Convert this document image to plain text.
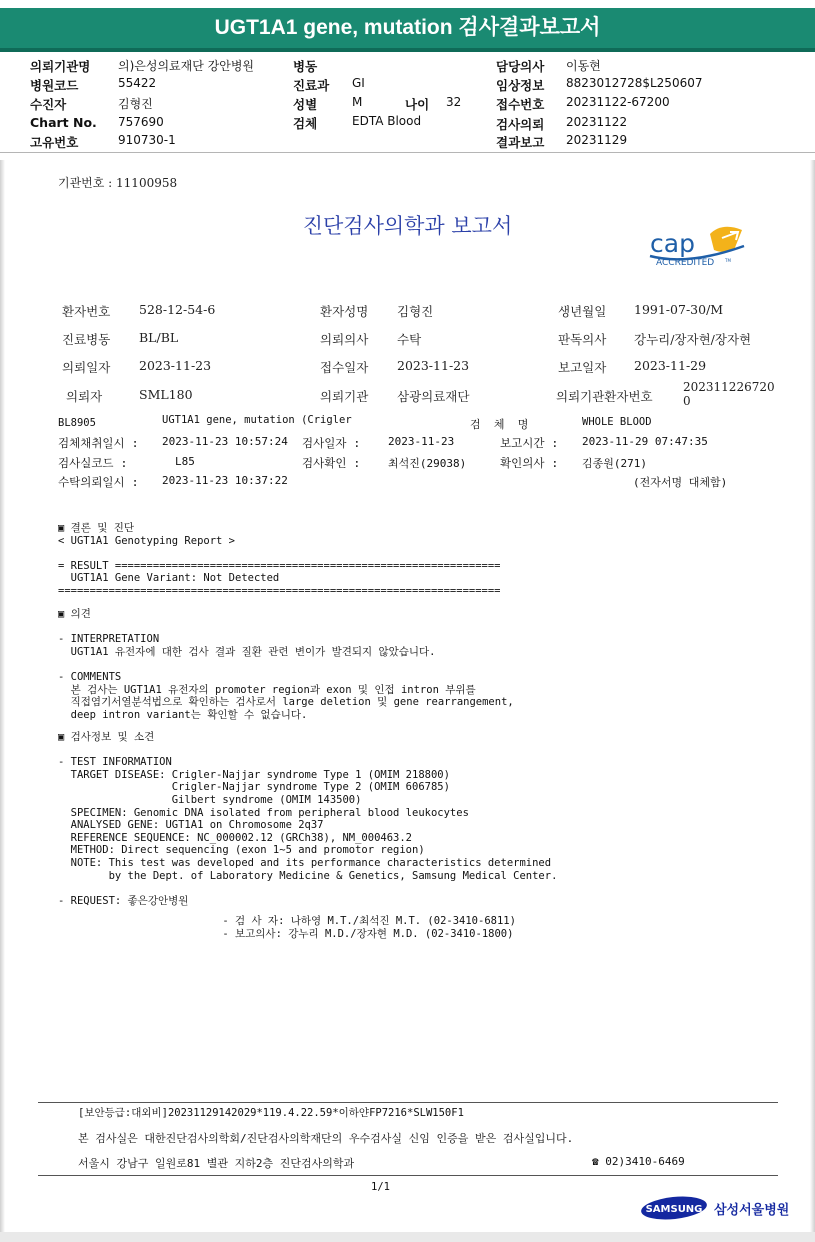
UGT1A1 gene, mutation 검사결과보고서
의뢰기관명 의)은성의료재단 강안병원
병원코드	55422
수진자	김형진
Chart No. 757690
고유번호	910730-1
병동
진료과 GI
성별	M	나이 32
검체	EDTA Blood
담당의사 이동현
임상정보 8823012728$L250607
접수번호 20231122-67200
검사의뢰 20231122
결과보고 20231129
기관번호 : 11100958
진단검사의학과 보고서
cap
ACCREDITED	TM
환자번호 528-12-54-6	환자성명 김형진	생년월일 1991-07-30/M
진료병동 BL/BL	의뢰의사 수탁	판독의사 강누리/장자현/장자현
의뢰일자 2023-11-23	접수일자 2023-11-23	보고일자 2023-11-29
의뢰자	SML180	의뢰기관 삼광의료재단	의뢰기관환자번호
202311226720
0
BL8905	UGT1A1 gene, mutation (Crigler	검  체  명	WHOLE BLOOD
검체채취일시 : 2023-11-23 10:57:24 검사일자 :	2023-11-23	보고시간 : 2023-11-29 07:47:35
검사실코드 :	L85	검사확인 :	최석진(29038)	확인의사 : 김종원(271)
수탁의뢰일시 : 2023-11-23 10:37:22	(전자서명 대체함)
▣ 결론 및 진단
< UGT1A1 Genotyping Report >

= RESULT =============================================================
UGT1A1 Gene Variant: Not Detected
======================================================================
▣ 의견

- INTERPRETATION
UGT1A1 유전자에 대한 검사 결과 질환 관련 변이가 발견되지 않았습니다.

- COMMENTS
본 검사는 UGT1A1 유전자의 promoter region과 exon 및 인접 intron 부위를
직접염기서열분석법으로 확인하는 검사로서 large deletion 및 gene rearrangement,
deep intron variant는 확인할 수 없습니다.
▣ 검사정보 및 소견

- TEST INFORMATION
TARGET DISEASE: Crigler-Najjar syndrome Type 1 (OMIM 218800)
Crigler-Najjar syndrome Type 2 (OMIM 606785)
Gilbert syndrome (OMIM 143500)
SPECIMEN: Genomic DNA isolated from peripheral blood leukocytes
ANALYSED GENE: UGT1A1 on Chromosome 2q37
REFERENCE SEQUENCE: NC_000002.12 (GRCh38), NM_000463.2
METHOD: Direct sequencing (exon 1~5 and promotor region)
NOTE: This test was developed and its performance characteristics determined
by the Dept. of Laboratory Medicine & Genetics, Samsung Medical Center.

- REQUEST: 좋은강안병원
- 검 사 자: 나하영 M.T./최석진 M.T. (02-3410-6811)
- 보고의사: 강누리 M.D./장자현 M.D. (02-3410-1800)
[보안등급:대외비]20231129142029*119.4.22.59*이하얀FP7216*SLW150F1
본 검사실은 대한진단검사의학회/진단검사의학재단의 우수검사실 신임 인증을 받은 검사실입니다.
서울시 강남구 일원로81 별관 지하2층 진단검사의학과	☎ 02)3410-6469
1/1
SAMSUNG 삼성서울병원
